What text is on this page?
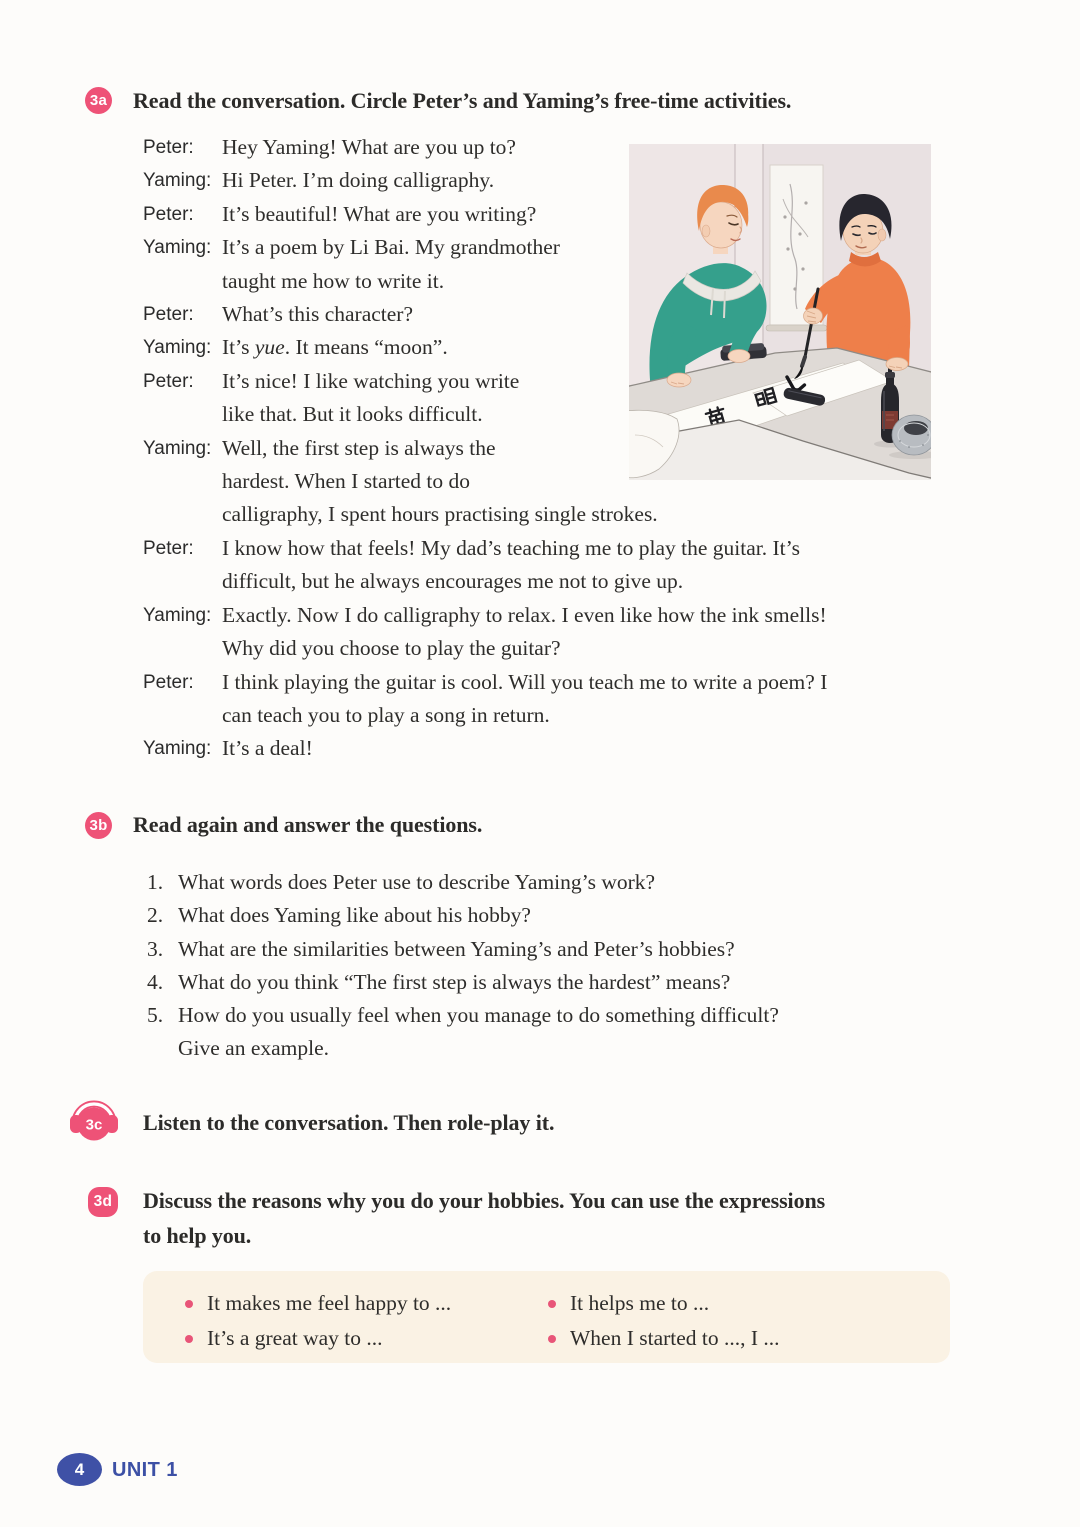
3a Read the conversation. Circle Peter’s and Yaming’s free-time activities.
Peter:	Hey Yaming! What are you up to?
Yaming: Hi Peter. I’m doing calligraphy.
Peter:	It’s beautiful! What are you writing?
Yaming: It’s a poem by Li Bai. My grandmother
taught me how to write it.
Peter:	What’s this character?
Yaming: It’s yue. It means “moon”.
Peter:	It’s nice! I like watching you write
like that. But it looks difficult.
Yaming: Well, the first step is always the
hardest. When I started to do
calligraphy, I spent hours practising single strokes.
Peter:	I know how that feels! My dad’s teaching me to play the guitar. It’s
difficult, but he always encourages me not to give up.
Yaming: Exactly. Now I do calligraphy to relax. I even like how the ink smells!
Why did you choose to play the guitar?
Peter:	I think playing the guitar is cool. Will you teach me to write a poem? I
can teach you to play a song in return.
Yaming: It’s a deal!
3b Read again and answer the questions.
1. What words does Peter use to describe Yaming’s work?
2. What does Yaming like about his hobby?
3. What are the similarities between Yaming’s and Peter’s hobbies?
4. What do you think “The first step is always the hardest” means?
5. How do you usually feel when you manage to do something difficult?
Give an example.
3c Listen to the conversation. Then role-play it.
3d Discuss the reasons why you do your hobbies. You can use the expressions
to help you.
It makes me feel happy to ...	It helps me to ...
It’s a great way to ...	When I started to ..., I ...
4	UNIT 1
